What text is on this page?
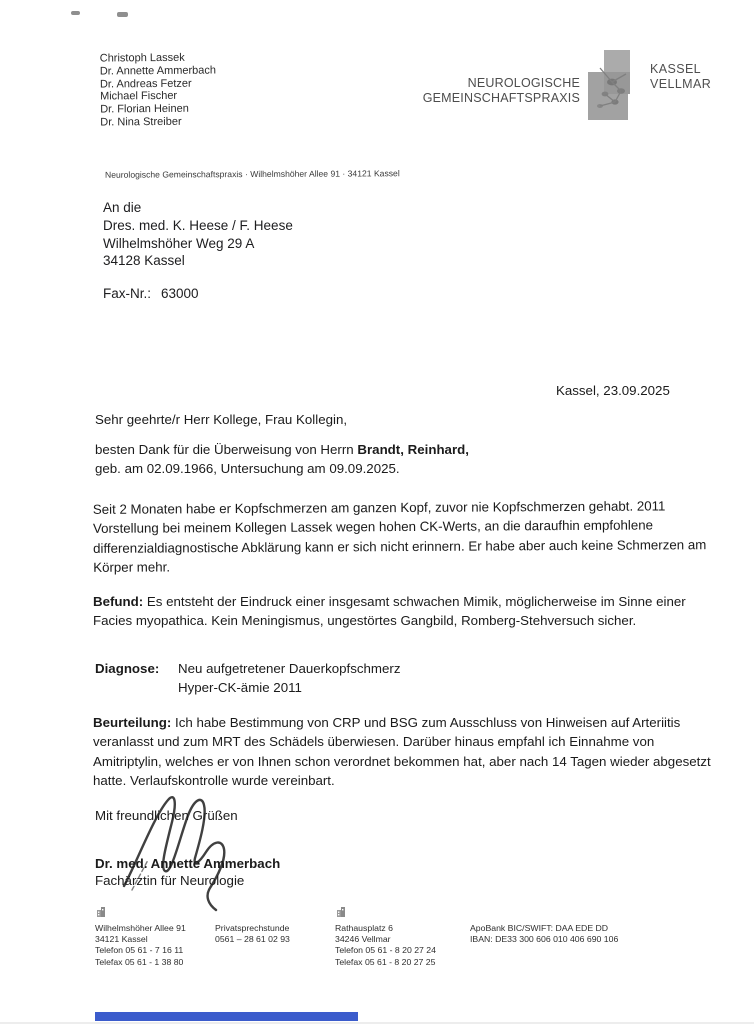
Christoph Lassek
Dr. Annette Ammerbach
Dr. Andreas Fetzer
Michael Fischer
Dr. Florian Heinen
Dr. Nina Streiber
NEUROLOGISCHE
GEMEINSCHAFTSPRAXIS
KASSEL
VELLMAR
Neurologische Gemeinschaftspraxis · Wilhelmshöher Allee 91 · 34121 Kassel
An die
Dres. med. K. Heese / F. Heese
Wilhelmshöher Weg 29 A
34128 Kassel
Fax-Nr.: 63000
Kassel, 23.09.2025
Sehr geehrte/r Herr Kollege, Frau Kollegin,
besten Dank für die Überweisung von Herrn Brandt, Reinhard,
geb. am 02.09.1966, Untersuchung am 09.09.2025.
Seit 2 Monaten habe er Kopfschmerzen am ganzen Kopf, zuvor nie Kopfschmerzen gehabt. 2011 Vorstellung bei meinem Kollegen Lassek wegen hohen CK-Werts, an die daraufhin empfohlene differenzialdiagnostische Abklärung kann er sich nicht erinnern. Er habe aber auch keine Schmerzen am Körper mehr.
Befund: Es entsteht der Eindruck einer insgesamt schwachen Mimik, möglicherweise im Sinne einer Facies myopathica. Kein Meningismus, ungestörtes Gangbild, Romberg-Stehversuch sicher.
Diagnose: Neu aufgetretener Dauerkopfschmerz
Hyper-CK-ämie 2011
Beurteilung: Ich habe Bestimmung von CRP und BSG zum Ausschluss von Hinweisen auf Arteriitis veranlasst und zum MRT des Schädels überwiesen. Darüber hinaus empfahl ich Einnahme von Amitriptylin, welches er von Ihnen schon verordnet bekommen hat, aber nach 14 Tagen wieder abgesetzt hatte. Verlaufskontrolle wurde vereinbart.
Mit freundlichen Grüßen
Dr. med. Annette Ammerbach
Fachärztin für Neurologie
Wilhelmshöher Allee 91
34121 Kassel
Telefon 05 61 - 7 16 11
Telefax 05 61 - 1 38 80
Privatsprechstunde
0561 – 28 61 02 93
Rathausplatz 6
34246 Vellmar
Telefon 05 61 - 8 20 27 24
Telefax 05 61 - 8 20 27 25
ApoBank BIC/SWIFT: DAA EDE DD
IBAN: DE33 300 606 010 406 690 106
